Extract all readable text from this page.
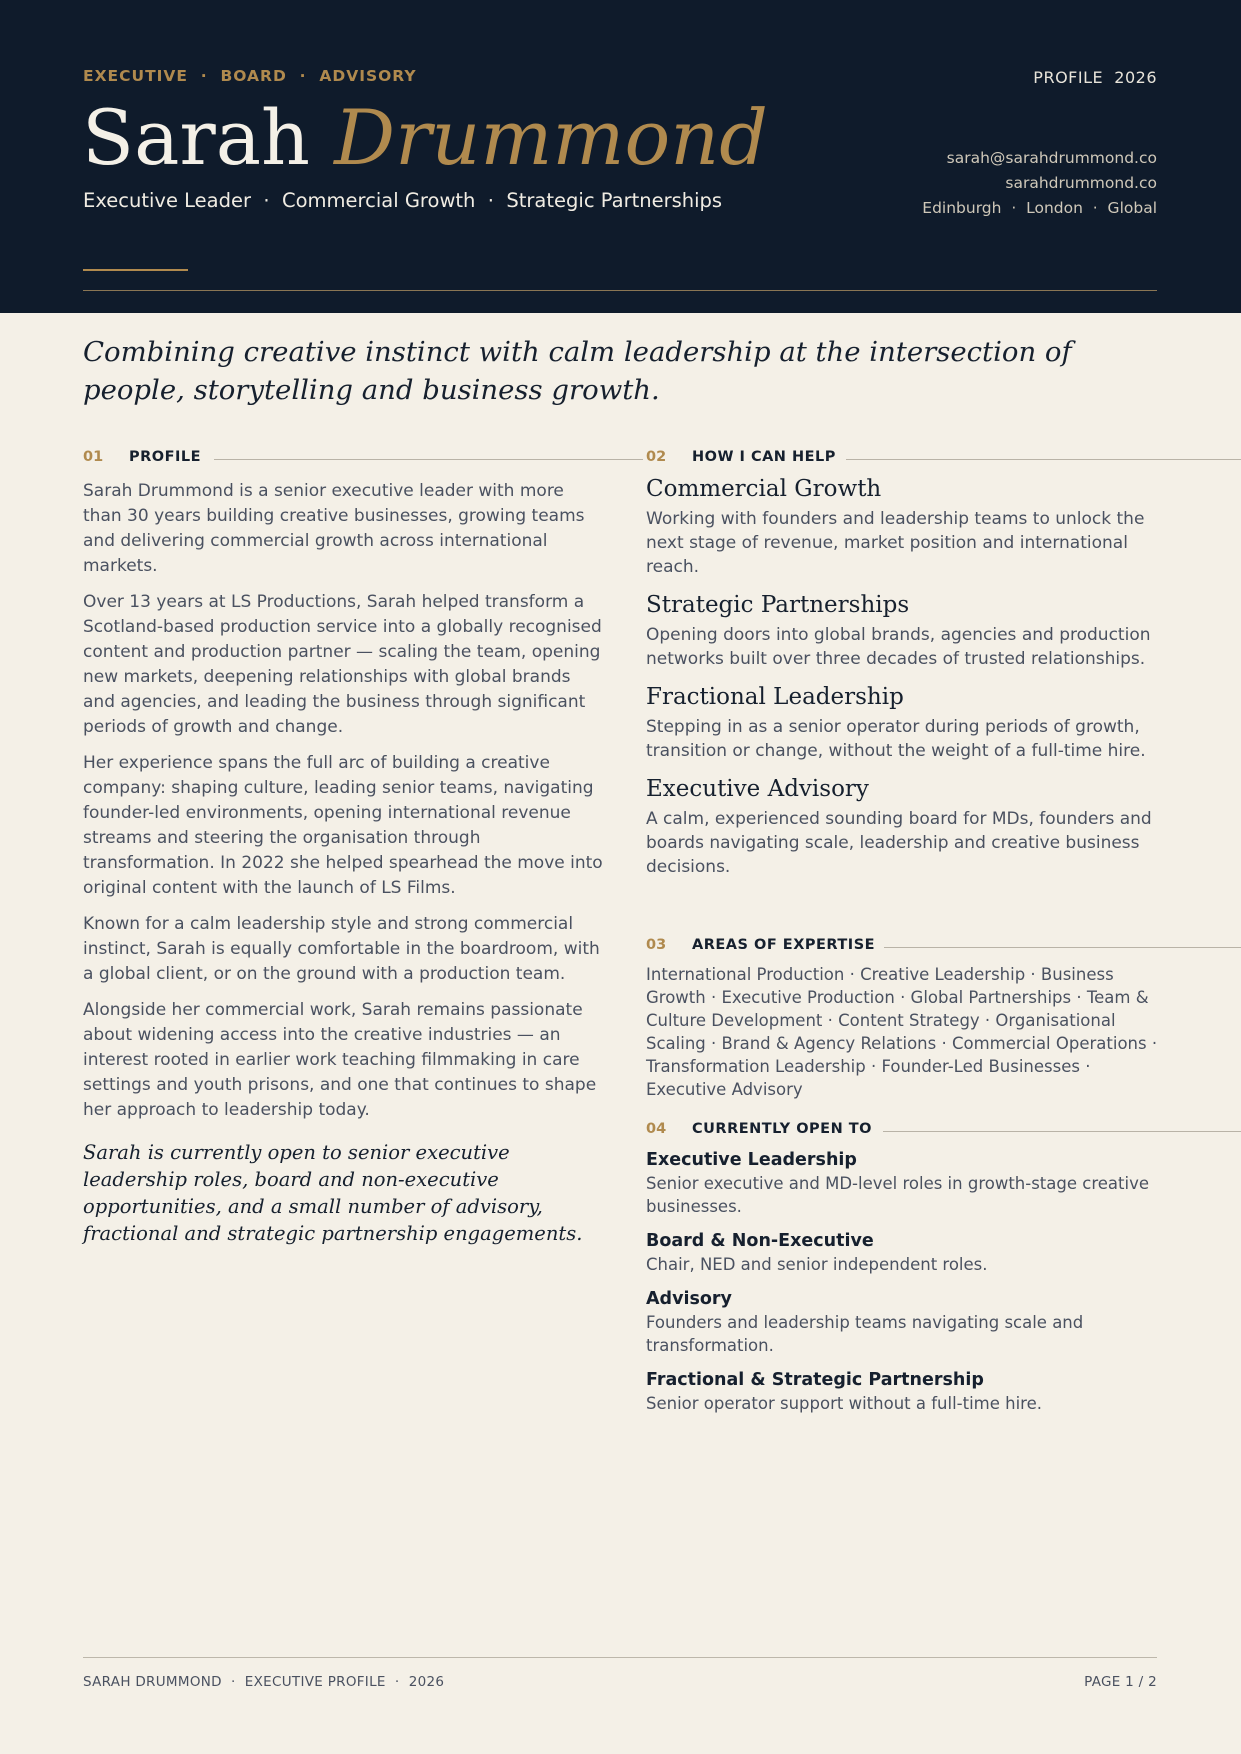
EXECUTIVE  ·  BOARD  ·  ADVISORY	PROFILE  2026
Sarah Drummond
Executive Leader  ·  Commercial Growth  ·  Strategic Partnerships
sarah@sarahdrummond.co
sarahdrummond.co
Edinburgh  ·  London  ·  Global
Combining creative instinct with calm leadership at the intersection of people, storytelling and business growth.
01 PROFILE

Sarah Drummond is a senior executive leader with more than 30 years building creative businesses, growing teams and delivering commercial growth across international markets.

Over 13 years at LS Productions, Sarah helped transform a Scotland-based production service into a globally recognised content and production partner — scaling the team, opening new markets, deepening relationships with global brands and agencies, and leading the business through significant periods of growth and change.

Her experience spans the full arc of building a creative company: shaping culture, leading senior teams, navigating founder-led environments, opening international revenue streams and steering the organisation through transformation. In 2022 she helped spearhead the move into original content with the launch of LS Films.

Known for a calm leadership style and strong commercial instinct, Sarah is equally comfortable in the boardroom, with a global client, or on the ground with a production team.

Alongside her commercial work, Sarah remains passionate about widening access into the creative industries — an interest rooted in earlier work teaching filmmaking in care settings and youth prisons, and one that continues to shape her approach to leadership today.

Sarah is currently open to senior executive leadership roles, board and non-executive opportunities, and a small number of advisory, fractional and strategic partnership engagements.

02 HOW I CAN HELP
Commercial Growth

Working with founders and leadership teams to unlock the next stage of revenue, market position and international reach.

Strategic Partnerships

Opening doors into global brands, agencies and production networks built over three decades of trusted relationships.

Fractional Leadership

Stepping in as a senior operator during periods of growth, transition or change, without the weight of a full-time hire.

Executive Advisory

A calm, experienced sounding board for MDs, founders and boards navigating scale, leadership and creative business decisions.

03 AREAS OF EXPERTISE
International Production · Creative Leadership · Business Growth · Executive Production · Global Partnerships · Team & Culture Development · Content Strategy · Organisational Scaling · Brand & Agency Relations · Commercial Operations · Transformation Leadership · Founder-Led Businesses · Executive Advisory
04 CURRENTLY OPEN TO
Executive Leadership

Senior executive and MD-level roles in growth-stage creative businesses.

Board & Non-Executive

Chair, NED and senior independent roles.

Advisory

Founders and leadership teams navigating scale and transformation.

Fractional & Strategic Partnership

Senior operator support without a full-time hire.

SARAH DRUMMOND  ·  EXECUTIVE PROFILE  ·  2026	PAGE 1 / 2
